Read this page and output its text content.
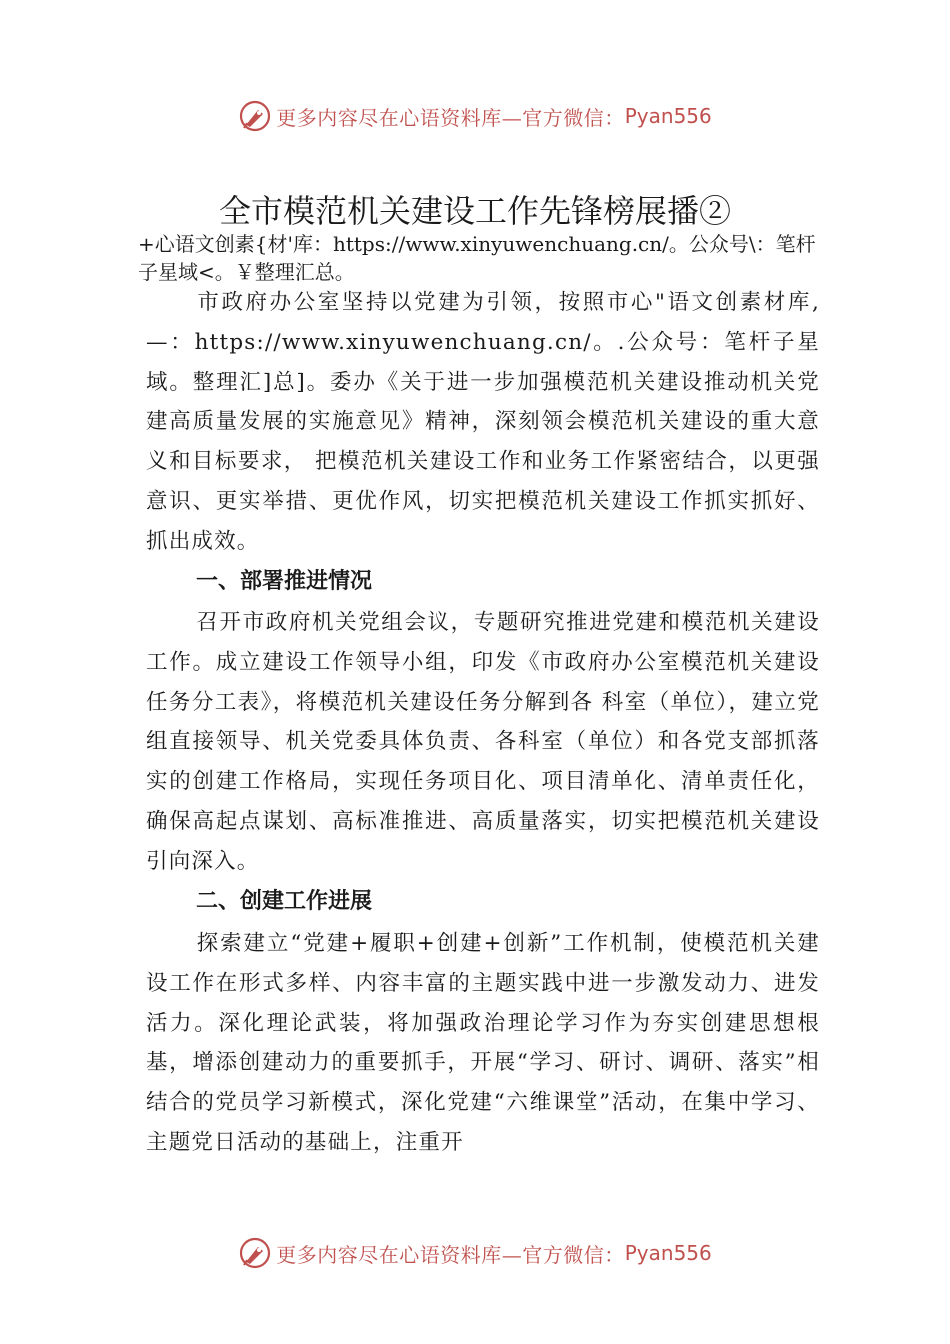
更多内容尽在心语资料库—官方微信： Pyan556
全市模范机关建设工作先锋榜展播②
+心语文创素{材'库：https://www.xinyuwenchuang.cn/。公众号\：笔杆子星域<。￥整理汇总。
市政府办公室坚持以党建为引领，按照市心"语文创素材库,—：https://www.xinyuwenchuang.cn/。.公众号：笔杆子星域。整理汇]总]。委办《关于进一步加强模范机关建设推动机关党建高质量发展的实施意见》精神，深刻领会模范机关建设的重大意义和目标要求， 把模范机关建设工作和业务工作紧密结合，以更强意识、更实举措、更优作风，切实把模范机关建设工作抓实抓好、抓出成效。
一、部署推进情况
召开市政府机关党组会议，专题研究推进党建和模范机关建设工作。成立建设工作领导小组，印发《市政府办公室模范机关建设任务分工表》，将模范机关建设任务分解到各 科室（单位），建立党组直接领导、机关党委具体负责、各科室（单位）和各党支部抓落实的创建工作格局，实现任务项目化、项目清单化、清单责任化，确保高起点谋划、高标准推进、高质量落实，切实把模范机关建设引向深入。
二、创建工作进展
探索建立“党建+履职+创建+创新”工作机制，使模范机关建设工作在形式多样、内容丰富的主题实践中进一步激发动力、进发活力。深化理论武装，将加强政治理论学习作为夯实创建思想根基，增添创建动力的重要抓手，开展“学习、研讨、调研、落实”相结合的党员学习新模式，深化党建“六维课堂”活动，在集中学习、主题党日活动的基础上，注重开
更多内容尽在心语资料库—官方微信： Pyan556
